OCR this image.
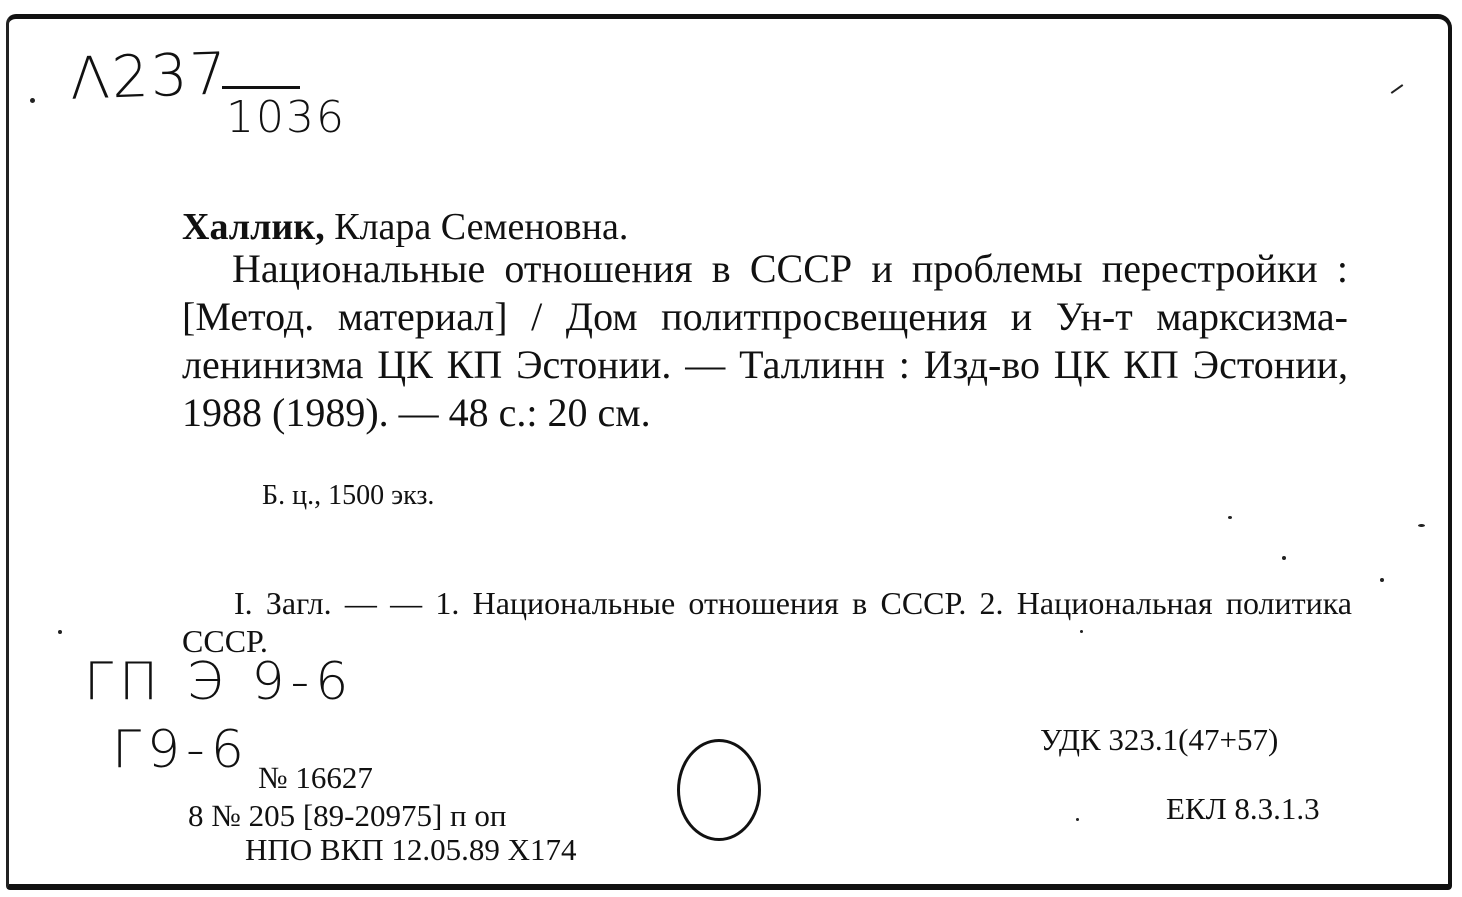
Λ237
1036
Халлик, Клара Семеновна.
Национальные отношения в СССР и проблемы перестройки : [Метод. материал] / Дом политпросвещения и Ун-т марксизма-ленинизма ЦК КП Эстонии. — Таллинн : Изд-во ЦК КП Эстонии, 1988 (1989). — 48 с.: 20 см.
Б. ц., 1500 экз.
I. Загл. — — 1. Национальные отношения в СССР. 2. Национальная политика СССР.
ГП Э 9-6
Г9-6 № 16627
8 № 205 [89-20975] п оп
НПО ВКП 12.05.89 Х174
УДК 323.1(47+57)
ЕКЛ 8.3.1.3
